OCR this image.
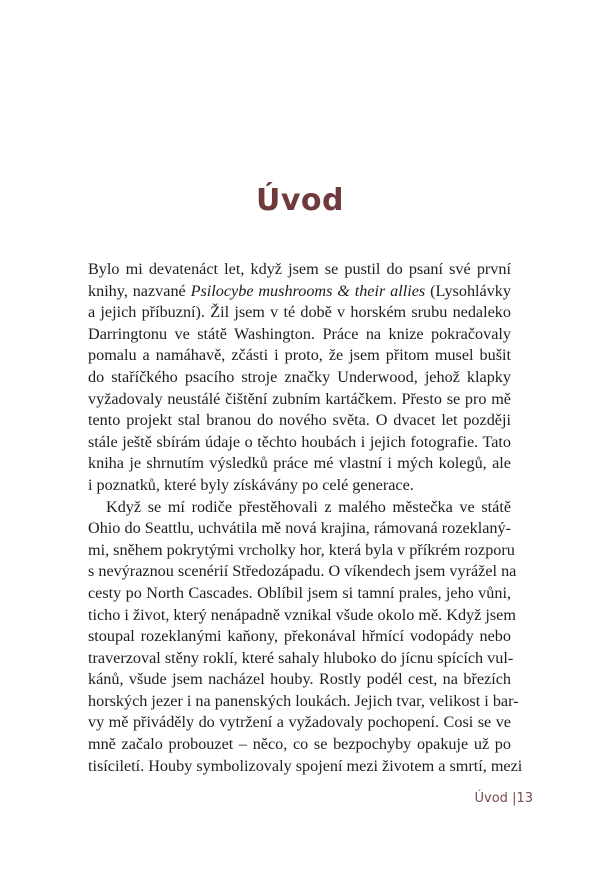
Úvod
Bylo mi devatenáct let, když jsem se pustil do psaní své první
knihy, nazvané Psilocybe mushrooms & their allies (Lysohlávky
a jejich příbuzní). Žil jsem v té době v horském srubu nedaleko
Darringtonu ve státě Washington. Práce na knize pokračovaly
pomalu a namáhavě, zčásti i proto, že jsem přitom musel bušit
do staříčkého psacího stroje značky Underwood, jehož klapky
vyžadovaly neustálé čištění zubním kartáčkem. Přesto se pro mě
tento projekt stal branou do nového světa. O dvacet let později
stále ještě sbírám údaje o těchto houbách i jejich fotografie. Tato
kniha je shrnutím výsledků práce mé vlastní i mých kolegů, ale
i poznatků, které byly získávány po celé generace.
Když se mí rodiče přestěhovali z malého městečka ve státě
Ohio do Seattlu, uchvátila mě nová krajina, rámovaná rozeklaný-
mi, sněhem pokrytými vrcholky hor, která byla v příkrém rozporu
s nevýraznou scenérií Středozápadu. O víkendech jsem vyrážel na
cesty po North Cascades. Oblíbil jsem si tamní prales, jeho vůni,
ticho i život, který nenápadně vznikal všude okolo mě. Když jsem
stoupal rozeklanými kaňony, překonával hřmící vodopády nebo
traverzoval stěny roklí, které sahaly hluboko do jícnu spících vul-
kánů, všude jsem nacházel houby. Rostly podél cest, na březích
horských jezer i na panenských loukách. Jejich tvar, velikost i bar-
vy mě přiváděly do vytržení a vyžadovaly pochopení. Cosi se ve
mně začalo probouzet – něco, co se bezpochyby opakuje už po
tisíciletí. Houby symbolizovaly spojení mezi životem a smrtí, mezi
Úvod |13
